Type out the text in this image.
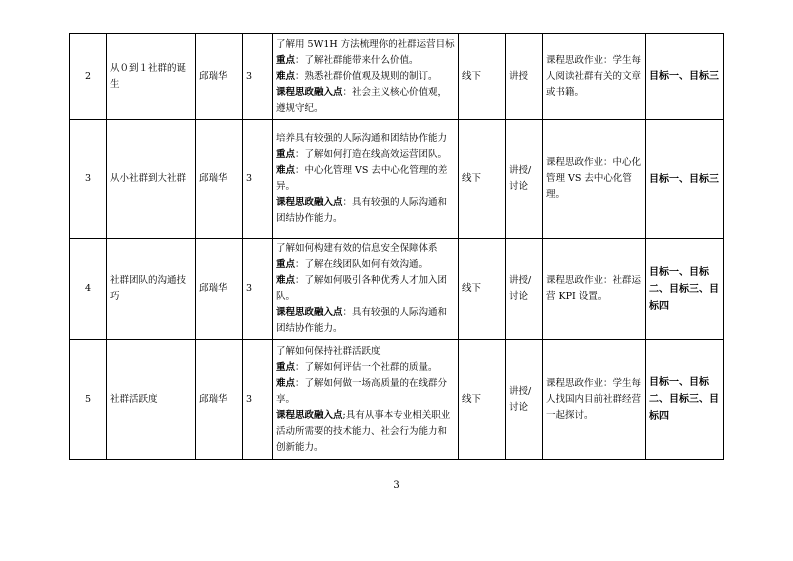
2	从０到１社群的诞生	邱瑞华	3	了解用 5W1H 方法梳理你的社群运营目标
重点：了解社群能带来什么价值。
难点：熟悉社群价值观及规则的制订。
课程思政融入点：社会主义核心价值观，遵规守纪。	线下	讲授	课程思政作业：学生每人阅读社群有关的文章或书籍。	目标一、目标三
3	从小社群到大社群	邱瑞华	3	培养具有较强的人际沟通和团结协作能力
重点：了解如何打造在线高效运营团队。
难点：中心化管理 VS 去中心化管理的差异。
课程思政融入点：具有较强的人际沟通和团结协作能力。	线下	讲授/讨论	课程思政作业：中心化管理 VS 去中心化管理。	目标一、目标三
4	社群团队的沟通技巧	邱瑞华	3	了解如何构建有效的信息安全保障体系
重点：了解在线团队如何有效沟通。
难点：了解如何吸引各种优秀人才加入团队。
课程思政融入点：具有较强的人际沟通和团结协作能力。	线下	讲授/讨论	课程思政作业：社群运营 KPI 设置。	目标一、目标二、目标三、目标四
5	社群活跃度	邱瑞华	3	了解如何保持社群活跃度
重点：了解如何评估一个社群的质量。
难点：了解如何做一场高质量的在线群分享。
课程思政融入点;具有从事本专业相关职业活动所需要的技术能力、社会行为能力和创新能力。	线下	讲授/讨论	课程思政作业：学生每人找国内目前社群经营一起探讨。	目标一、目标二、目标三、目标四
3
